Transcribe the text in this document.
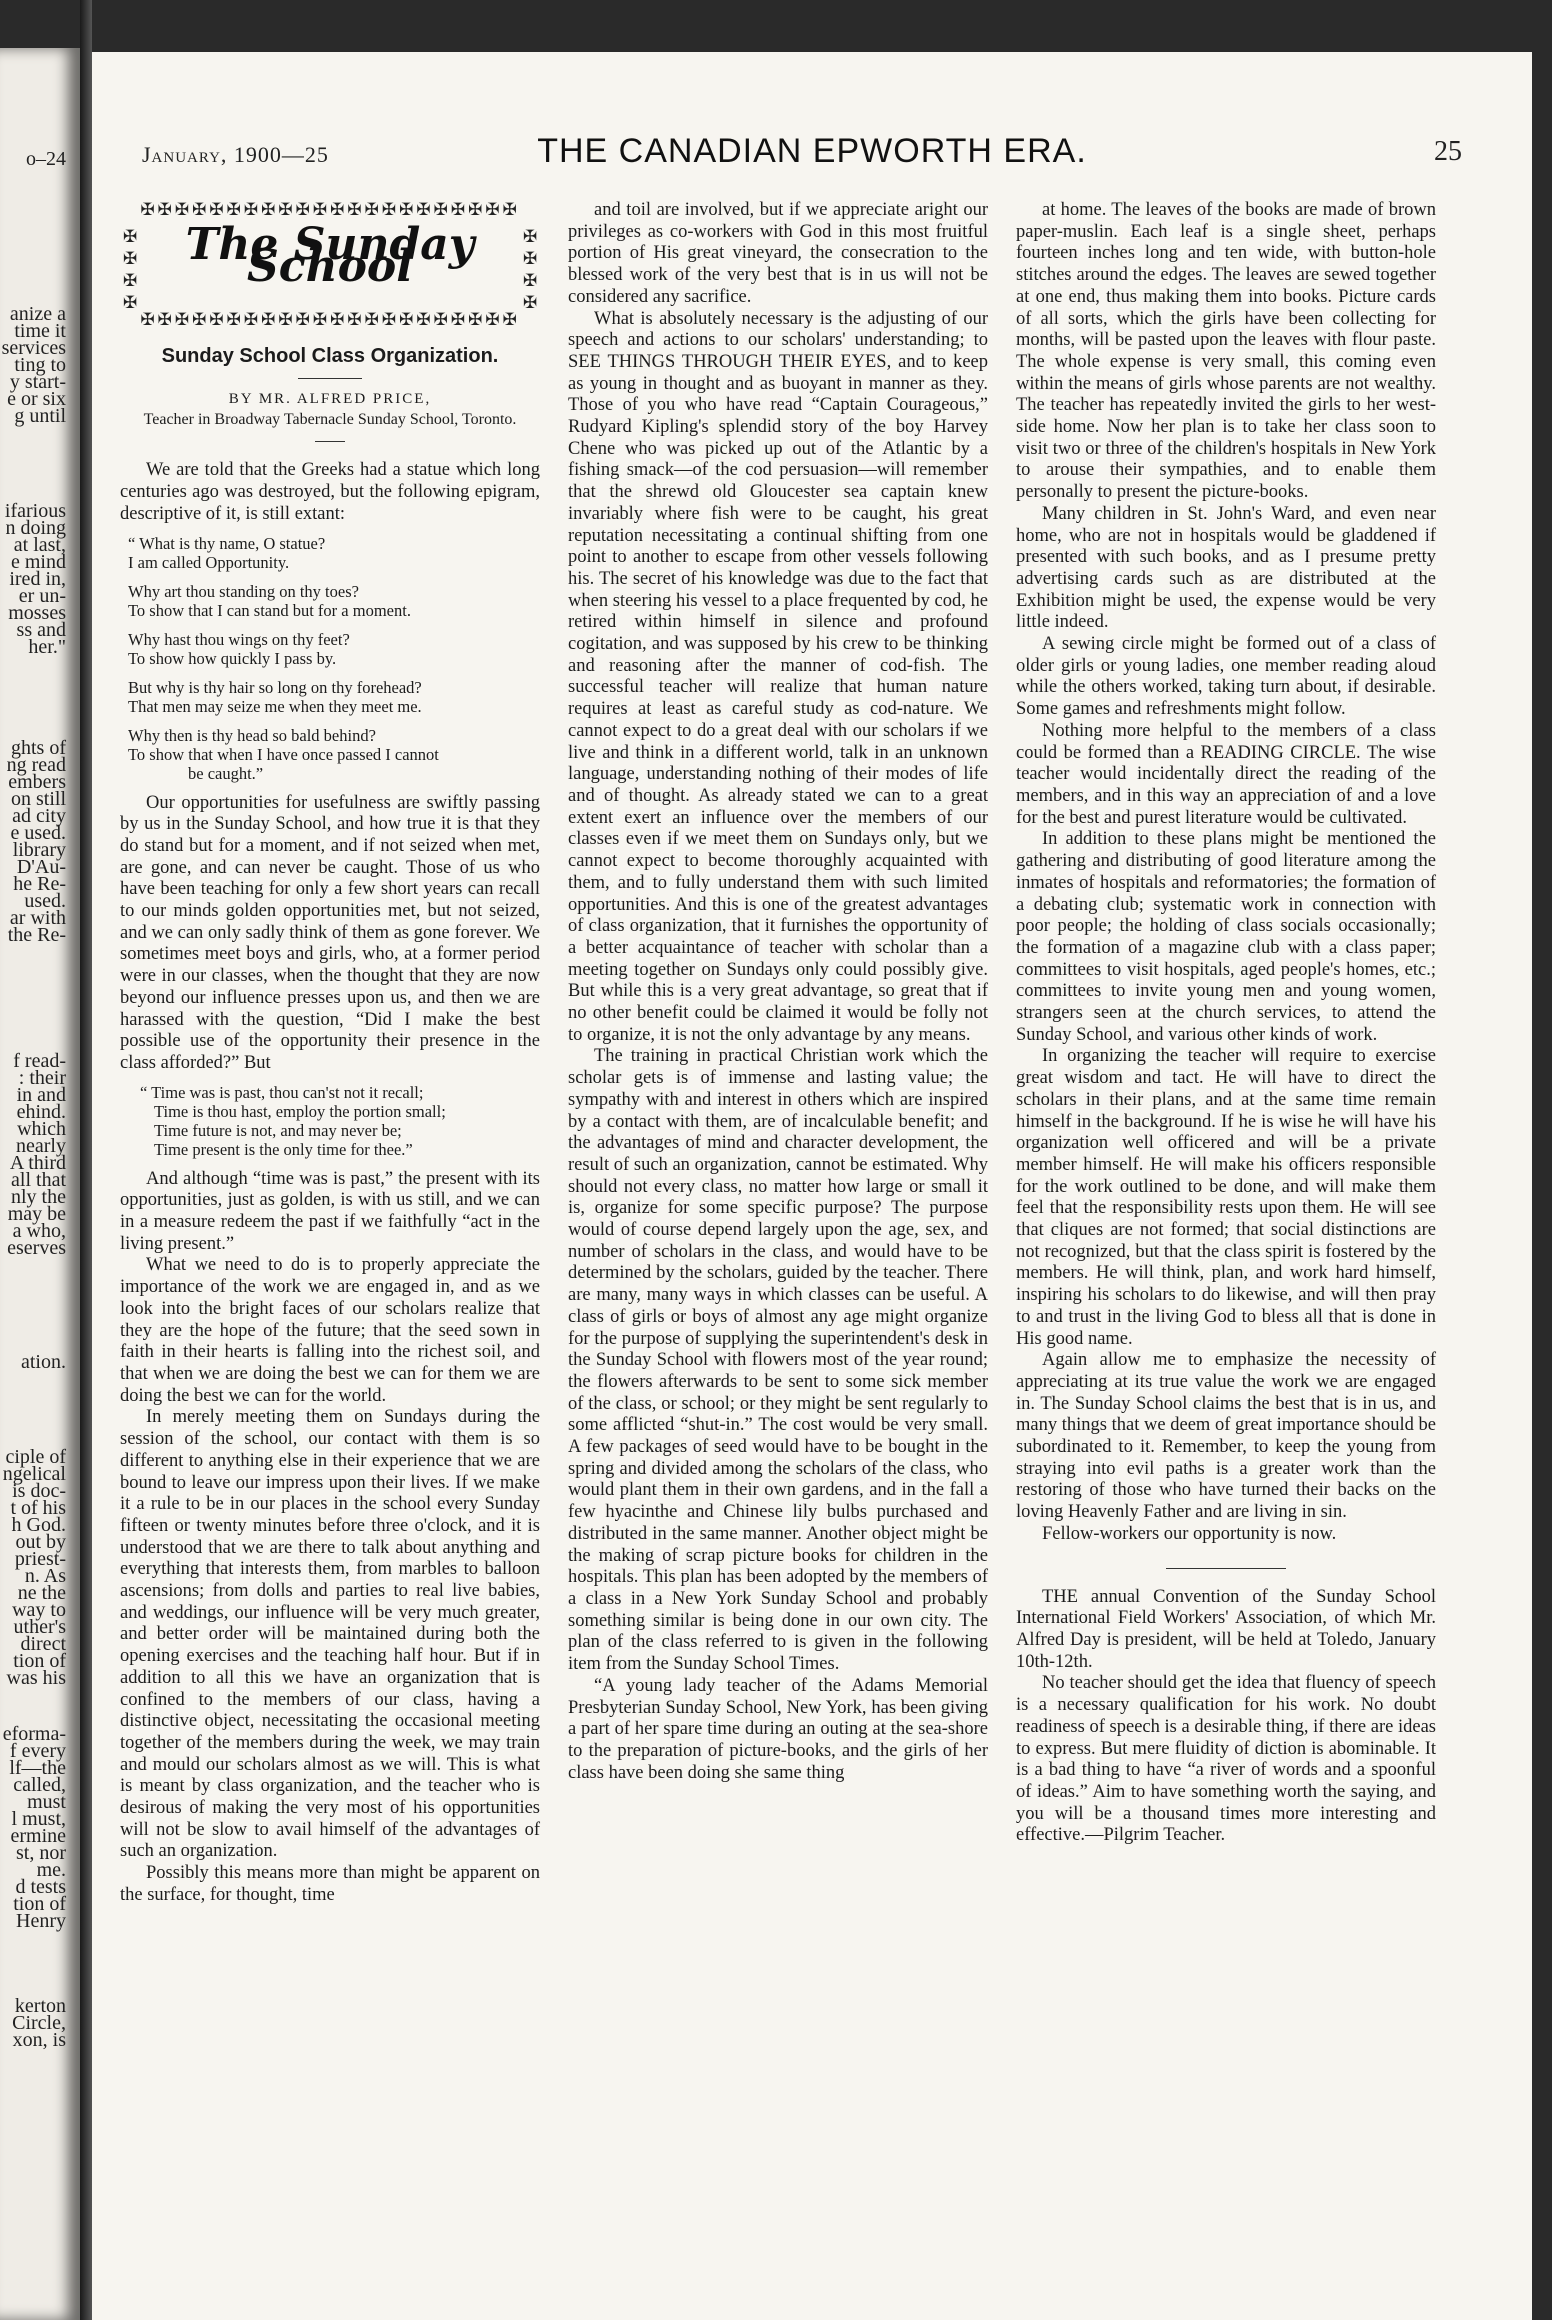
o–24
anize a
time it
services
ting to
y start-
e or six
g until
ifarious
n doing
at last,
e mind
ired in,
er un-
mosses
ss and
her."
ghts of
ng read
embers
on still
ad city
e used.
library
D'Au-
he Re-
used.
ar with
the Re-
f read-
: their
in and
ehind.
which
nearly
A third
all that
nly the
may be
a who,
eserves
ation.
ciple of
ngelical
is doc-
t of his
h God.
out by
priest-
n. As
ne the
way to
uther's
direct
tion of
was his
eforma-
f every
lf—the
called,
must
l must,
ermine
st, nor
me.
d tests
tion of
Henry
kerton
Circle,
xon, is
January, 1900—25	THE CANADIAN EPWORTH ERA.	25
✠✠✠✠✠✠✠✠✠✠✠✠✠✠✠✠✠✠✠✠✠✠
✠
✠
✠
✠
The Sunday School
✠
✠
✠
✠
✠✠✠✠✠✠✠✠✠✠✠✠✠✠✠✠✠✠✠✠✠✠

Sunday School Class Organization.

BY MR. ALFRED PRICE,

Teacher in Broadway Tabernacle Sunday School, Toronto.

We are told that the Greeks had a statue which long centuries ago was destroyed, but the following epigram, descriptive of it, is still extant:

“ What is thy name, O statue?
I am called Opportunity.
Why art thou standing on thy toes?
To show that I can stand but for a moment.
Why hast thou wings on thy feet?
To show how quickly I pass by.
But why is thy hair so long on thy forehead?
That men may seize me when they meet me.
Why then is thy head so bald behind?
To show that when I have once passed I cannot
be caught.”

Our opportunities for usefulness are swiftly passing by us in the Sunday School, and how true it is that they do stand but for a moment, and if not seized when met, are gone, and can never be caught. Those of us who have been teaching for only a few short years can recall to our minds golden opportunities met, but not seized, and we can only sadly think of them as gone forever. We sometimes meet boys and girls, who, at a former period were in our classes, when the thought that they are now beyond our influence presses upon us, and then we are harassed with the question, “Did I make the best possible use of the opportunity their presence in the class afforded?” But

“ Time was is past, thou can'st not it recall;
Time is thou hast, employ the portion small;
Time future is not, and may never be;
Time present is the only time for thee.”

And although “time was is past,” the present with its opportunities, just as golden, is with us still, and we can in a measure redeem the past if we faithfully “act in the living present.”

What we need to do is to properly appreciate the importance of the work we are engaged in, and as we look into the bright faces of our scholars realize that they are the hope of the future; that the seed sown in faith in their hearts is falling into the richest soil, and that when we are doing the best we can for them we are doing the best we can for the world.

In merely meeting them on Sundays during the session of the school, our contact with them is so different to anything else in their experience that we are bound to leave our impress upon their lives. If we make it a rule to be in our places in the school every Sunday fifteen or twenty minutes before three o'clock, and it is understood that we are there to talk about anything and everything that interests them, from marbles to balloon ascensions; from dolls and parties to real live babies, and weddings, our influence will be very much greater, and better order will be maintained during both the opening exercises and the teaching half hour. But if in addition to all this we have an organization that is confined to the members of our class, having a distinctive object, necessitating the occasional meeting together of the members during the week, we may train and mould our scholars almost as we will. This is what is meant by class organization, and the teacher who is desirous of making the very most of his opportunities will not be slow to avail himself of the advantages of such an organization.

Possibly this means more than might be apparent on the surface, for thought, time

and toil are involved, but if we appreciate aright our privileges as co-workers with God in this most fruitful portion of His great vineyard, the consecration to the blessed work of the very best that is in us will not be considered any sacrifice.

What is absolutely necessary is the adjusting of our speech and actions to our scholars' understanding; to SEE THINGS THROUGH THEIR EYES, and to keep as young in thought and as buoyant in manner as they. Those of you who have read “Captain Courageous,” Rudyard Kipling's splendid story of the boy Harvey Chene who was picked up out of the Atlantic by a fishing smack—of the cod persuasion—will remember that the shrewd old Gloucester sea captain knew invariably where fish were to be caught, his great reputation necessitating a continual shifting from one point to another to escape from other vessels following his. The secret of his knowledge was due to the fact that when steering his vessel to a place frequented by cod, he retired within himself in silence and profound cogitation, and was supposed by his crew to be thinking and reasoning after the manner of cod-fish. The successful teacher will realize that human nature requires at least as careful study as cod-nature. We cannot expect to do a great deal with our scholars if we live and think in a different world, talk in an unknown language, understanding nothing of their modes of life and of thought. As already stated we can to a great extent exert an influence over the members of our classes even if we meet them on Sundays only, but we cannot expect to become thoroughly acquainted with them, and to fully understand them with such limited opportunities. And this is one of the greatest advantages of class organization, that it furnishes the opportunity of a better acquaintance of teacher with scholar than a meeting together on Sundays only could possibly give. But while this is a very great advantage, so great that if no other benefit could be claimed it would be folly not to organize, it is not the only advantage by any means.

The training in practical Christian work which the scholar gets is of immense and lasting value; the sympathy with and interest in others which are inspired by a contact with them, are of incalculable benefit; and the advantages of mind and character development, the result of such an organization, cannot be estimated. Why should not every class, no matter how large or small it is, organize for some specific purpose? The purpose would of course depend largely upon the age, sex, and number of scholars in the class, and would have to be determined by the scholars, guided by the teacher. There are many, many ways in which classes can be useful. A class of girls or boys of almost any age might organize for the purpose of supplying the superintendent's desk in the Sunday School with flowers most of the year round; the flowers afterwards to be sent to some sick member of the class, or school; or they might be sent regularly to some afflicted “shut-in.” The cost would be very small. A few packages of seed would have to be bought in the spring and divided among the scholars of the class, who would plant them in their own gardens, and in the fall a few hyacinthe and Chinese lily bulbs purchased and distributed in the same manner. Another object might be the making of scrap picture books for children in the hospitals. This plan has been adopted by the members of a class in a New York Sunday School and probably something similar is being done in our own city. The plan of the class referred to is given in the following item from the Sunday School Times.

“A young lady teacher of the Adams Memorial Presbyterian Sunday School, New York, has been giving a part of her spare time during an outing at the sea-shore to the preparation of picture-books, and the girls of her class have been doing she same thing

at home. The leaves of the books are made of brown paper-muslin. Each leaf is a single sheet, perhaps fourteen inches long and ten wide, with button-hole stitches around the edges. The leaves are sewed together at one end, thus making them into books. Picture cards of all sorts, which the girls have been collecting for months, will be pasted upon the leaves with flour paste. The whole expense is very small, this coming even within the means of girls whose parents are not wealthy. The teacher has repeatedly invited the girls to her west-side home. Now her plan is to take her class soon to visit two or three of the children's hospitals in New York to arouse their sympathies, and to enable them personally to present the picture-books.

Many children in St. John's Ward, and even near home, who are not in hospitals would be gladdened if presented with such books, and as I presume pretty advertising cards such as are distributed at the Exhibition might be used, the expense would be very little indeed.

A sewing circle might be formed out of a class of older girls or young ladies, one member reading aloud while the others worked, taking turn about, if desirable. Some games and refreshments might follow.

Nothing more helpful to the members of a class could be formed than a READING CIRCLE. The wise teacher would incidentally direct the reading of the members, and in this way an appreciation of and a love for the best and purest literature would be cultivated.

In addition to these plans might be mentioned the gathering and distributing of good literature among the inmates of hospitals and reformatories; the formation of a debating club; systematic work in connection with poor people; the holding of class socials occasionally; the formation of a magazine club with a class paper; committees to visit hospitals, aged people's homes, etc.; committees to invite young men and young women, strangers seen at the church services, to attend the Sunday School, and various other kinds of work.

In organizing the teacher will require to exercise great wisdom and tact. He will have to direct the scholars in their plans, and at the same time remain himself in the background. If he is wise he will have his organization well officered and will be a private member himself. He will make his officers responsible for the work outlined to be done, and will make them feel that the responsibility rests upon them. He will see that cliques are not formed; that social distinctions are not recognized, but that the class spirit is fostered by the members. He will think, plan, and work hard himself, inspiring his scholars to do likewise, and will then pray to and trust in the living God to bless all that is done in His good name.

Again allow me to emphasize the necessity of appreciating at its true value the work we are engaged in. The Sunday School claims the best that is in us, and many things that we deem of great importance should be subordinated to it. Remember, to keep the young from straying into evil paths is a greater work than the restoring of those who have turned their backs on the loving Heavenly Father and are living in sin.

Fellow-workers our opportunity is now.

THE annual Convention of the Sunday School International Field Workers' Association, of which Mr. Alfred Day is president, will be held at Toledo, January 10th-12th.

No teacher should get the idea that fluency of speech is a necessary qualification for his work. No doubt readiness of speech is a desirable thing, if there are ideas to express. But mere fluidity of diction is abominable. It is a bad thing to have “a river of words and a spoonful of ideas.” Aim to have something worth the saying, and you will be a thousand times more interesting and effective.—Pilgrim Teacher.
